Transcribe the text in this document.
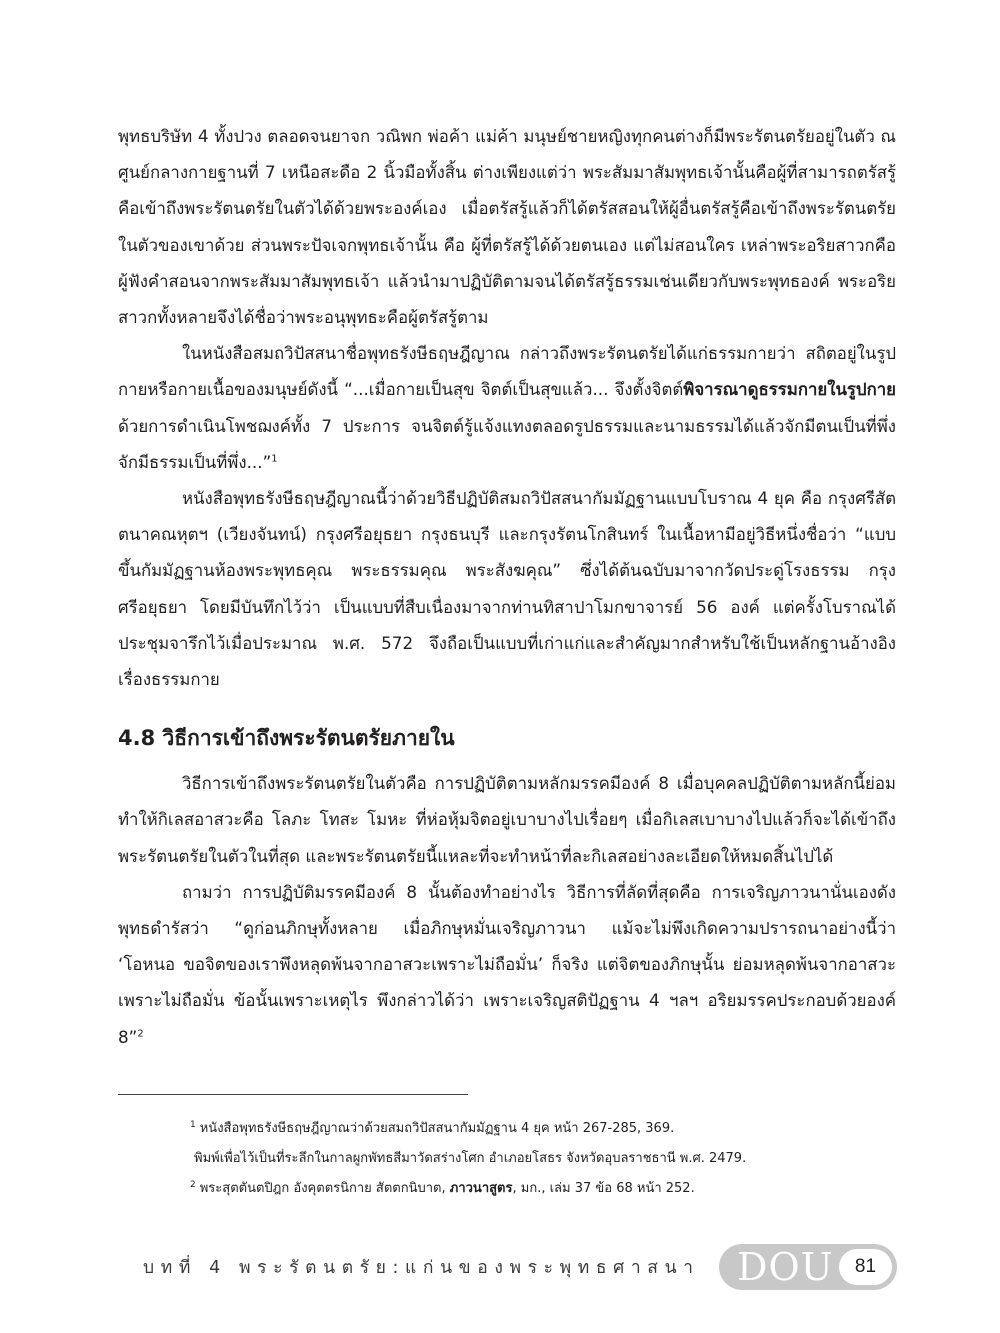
พุทธบริษัท 4 ทั้งปวง ตลอดจนยาจก วณิพก พ่อค้า แม่ค้า มนุษย์ชายหญิงทุกคนต่างก็มีพระรัตนตรัยอยู่ในตัว ณ ศูนย์กลางกายฐานที่ 7 เหนือสะดือ 2 นิ้วมือทั้งสิ้น ต่างเพียงแต่ว่า พระสัมมาสัมพุทธเจ้านั้นคือผู้ที่สามารถตรัสรู้คือเข้าถึงพระรัตนตรัยในตัวได้ด้วยพระองค์เอง เมื่อตรัสรู้แล้วก็ได้ตรัสสอนให้ผู้อื่นตรัสรู้คือเข้าถึงพระรัตนตรัยในตัวของเขาด้วย ส่วนพระปัจเจกพุทธเจ้านั้น คือ ผู้ที่ตรัสรู้ได้ด้วยตนเอง แต่ไม่สอนใคร เหล่าพระอริยสาวกคือ ผู้ฟังคำสอนจากพระสัมมาสัมพุทธเจ้า แล้วนำมาปฏิบัติตามจนได้ตรัสรู้ธรรมเช่นเดียวกับพระพุทธองค์ พระอริยสาวกทั้งหลายจึงได้ชื่อว่าพระอนุพุทธะคือผู้ตรัสรู้ตาม

ในหนังสือสมถวิปัสสนาชื่อพุทธรังษีธฤษฎีญาณ กล่าวถึงพระรัตนตรัยได้แก่ธรรมกายว่า สถิตอยู่ในรูปกายหรือกายเนื้อของมนุษย์ดังนี้ “...เมื่อกายเป็นสุข จิตต์เป็นสุขแล้ว... จึงตั้งจิตต์พิจารณาดูธรรมกายในรูปกายด้วยการดำเนินโพชฌงค์ทั้ง 7 ประการ จนจิตต์รู้แจ้งแทงตลอดรูปธรรมและนามธรรมได้แล้วจักมีตนเป็นที่พึ่งจักมีธรรมเป็นที่พึ่ง...”$^1$

หนังสือพุทธรังษีธฤษฎีญาณนี้ว่าด้วยวิธีปฏิบัติสมถวิปัสสนากัมมัฏฐานแบบโบราณ 4 ยุค คือ กรุงศรีสัตตนาคณหุตฯ (เวียงจันทน์) กรุงศรีอยุธยา กรุงธนบุรี และกรุงรัตนโกสินทร์ ในเนื้อหามีอยู่วิธีหนึ่งชื่อว่า “แบบขึ้นกัมมัฏฐานห้องพระพุทธคุณ พระธรรมคุณ พระสังฆคุณ” ซึ่งได้ต้นฉบับมาจากวัดประดู่โรงธรรม กรุงศรีอยุธยา โดยมีบันทึกไว้ว่า เป็นแบบที่สืบเนื่องมาจากท่านทิสาปาโมกขาจารย์ 56 องค์ แต่ครั้งโบราณได้ประชุมจารึกไว้เมื่อประมาณ พ.ศ. 572 จึงถือเป็นแบบที่เก่าแก่และสำคัญมากสำหรับใช้เป็นหลักฐานอ้างอิงเรื่องธรรมกาย

4.8 วิธีการเข้าถึงพระรัตนตรัยภายใน

วิธีการเข้าถึงพระรัตนตรัยในตัวคือ การปฏิบัติตามหลักมรรคมีองค์ 8 เมื่อบุคคลปฏิบัติตามหลักนี้ย่อมทำให้กิเลสอาสวะคือ โลภะ โทสะ โมหะ ที่ห่อหุ้มจิตอยู่เบาบางไปเรื่อยๆ เมื่อกิเลสเบาบางไปแล้วก็จะได้เข้าถึงพระรัตนตรัยในตัวในที่สุด และพระรัตนตรัยนี้แหละที่จะทำหน้าที่ละกิเลสอย่างละเอียดให้หมดสิ้นไปได้

ถามว่า การปฏิบัติมรรคมีองค์ 8 นั้นต้องทำอย่างไร วิธีการที่ลัดที่สุดคือ การเจริญภาวนานั่นเองดังพุทธดำรัสว่า “ดูก่อนภิกษุทั้งหลาย เมื่อภิกษุหมั่นเจริญภาวนา แม้จะไม่พึงเกิดความปรารถนาอย่างนี้ว่า ‘โอหนอ ขอจิตของเราพึงหลุดพ้นจากอาสวะเพราะไม่ถือมั่น’ ก็จริง แต่จิตของภิกษุนั้น ย่อมหลุดพ้นจากอาสวะเพราะไม่ถือมั่น ข้อนั้นเพราะเหตุไร พึงกล่าวได้ว่า เพราะเจริญสติปัฏฐาน 4 ฯลฯ อริยมรรคประกอบด้วยองค์ 8”$^2$

$^1$ หนังสือพุทธรังษีธฤษฎีญาณว่าด้วยสมถวิปัสสนากัมมัฏฐาน 4 ยุค หน้า 267-285, 369.
พิมพ์เพื่อไว้เป็นที่ระลึกในกาลผูกพัทธสีมาวัดสร่างโศก อำเภอยโสธร จังหวัดอุบลราชธานี พ.ศ. 2479.
$^2$ พระสุตตันตปิฎก อังคุตตรนิกาย สัตตกนิบาต, ภาวนาสูตร, มก., เล่ม 37 ข้อ 68 หน้า 252.
บทที่ 4 พระรัตนตรัย:แก่นของพระพุทธศาสนา DOU	81
